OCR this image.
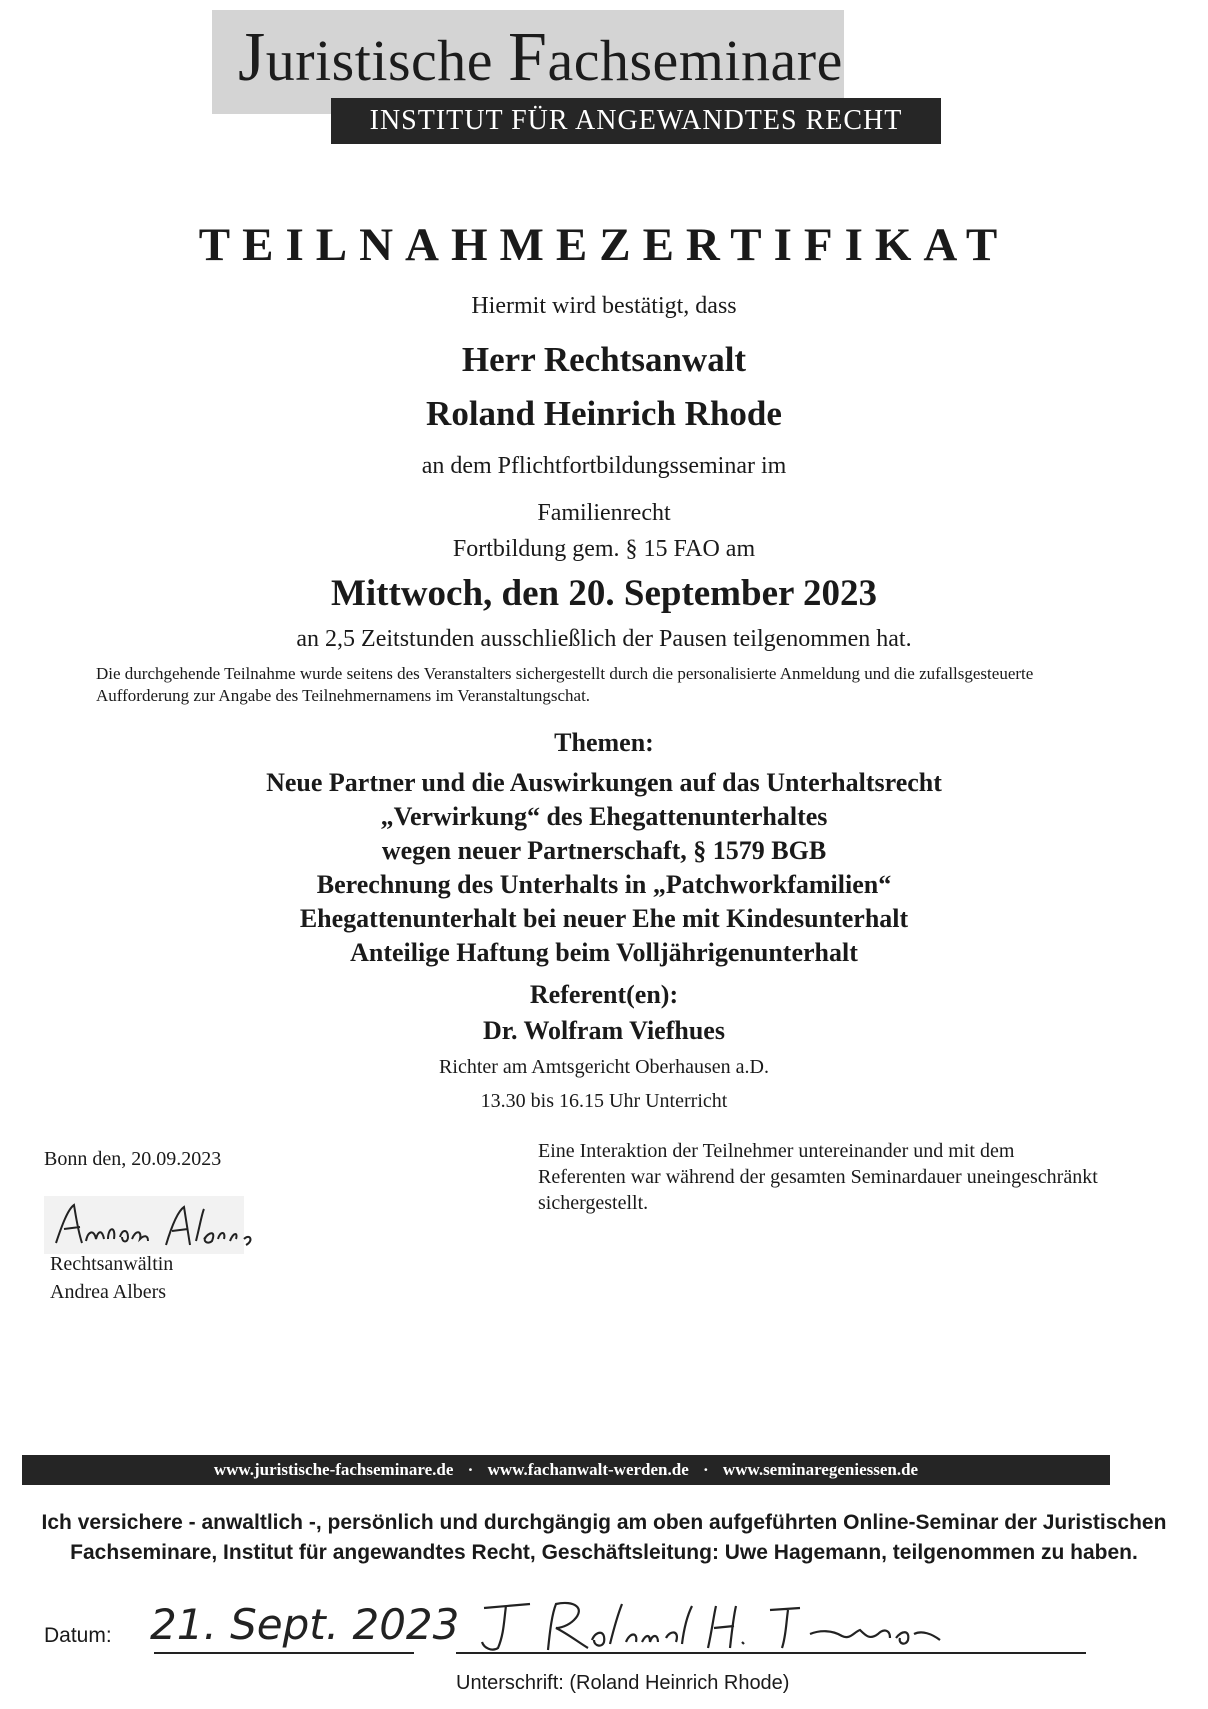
Juristische Fachseminare
INSTITUT FÜR ANGEWANDTES RECHT
TEILNAHMEZERTIFIKAT
Hiermit wird bestätigt, dass
Herr Rechtsanwalt
Roland Heinrich Rhode
an dem Pflichtfortbildungsseminar im
Familienrecht
Fortbildung gem. § 15 FAO am
Mittwoch, den 20. September 2023
an 2,5 Zeitstunden ausschließlich der Pausen teilgenommen hat.
Die durchgehende Teilnahme wurde seitens des Veranstalters sichergestellt durch die personalisierte Anmeldung und die zufallsgesteuerte Aufforderung zur Angabe des Teilnehmernamens im Veranstaltungschat.
Themen:
Neue Partner und die Auswirkungen auf das Unterhaltsrecht
„Verwirkung“ des Ehegattenunterhaltes
wegen neuer Partnerschaft, § 1579 BGB
Berechnung des Unterhalts in „Patchworkfamilien“
Ehegattenunterhalt bei neuer Ehe mit Kindesunterhalt
Anteilige Haftung beim Volljährigenunterhalt
Referent(en):
Dr. Wolfram Viefhues
Richter am Amtsgericht Oberhausen a.D.
13.30 bis 16.15 Uhr Unterricht
Bonn den, 20.09.2023
Rechtsanwältin
Andrea Albers
Eine Interaktion der Teilnehmer untereinander und mit dem Referenten war während der gesamten Seminardauer uneingeschränkt sichergestellt.
www.juristische-fachseminare.de · www.fachanwalt-werden.de · www.seminaregeniessen.de
Ich versichere - anwaltlich -, persönlich und durchgängig am oben aufgeführten Online-Seminar der Juristischen Fachseminare, Institut für angewandtes Recht, Geschäftsleitung: Uwe Hagemann, teilgenommen zu haben.
Datum: 21. Sept. 2023
Unterschrift: (Roland Heinrich Rhode)
